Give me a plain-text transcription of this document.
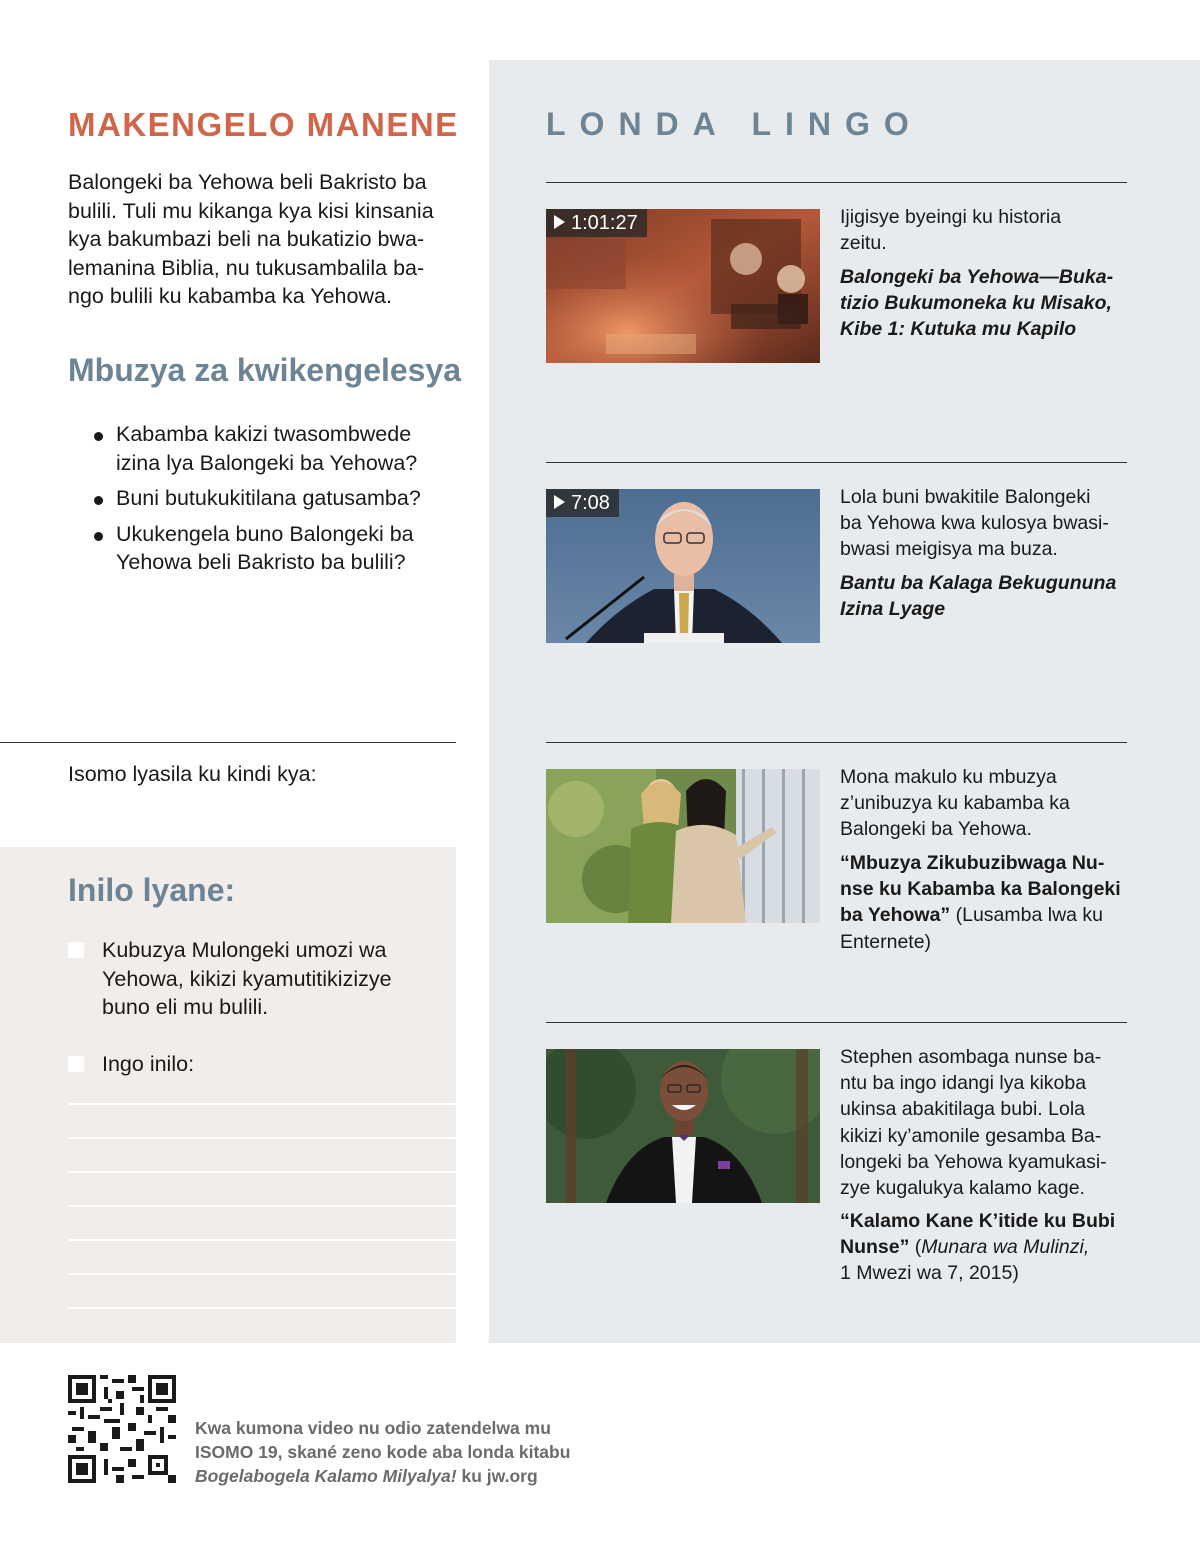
MAKENGELO MANENE
Balongeki ba Yehowa beli Bakristo ba
bulili. Tuli mu kikanga kya kisi kinsania
kya bakumbazi beli na bukatizio bwa-
lemanina Biblia, nu tukusambalila ba-
ngo bulili ku kabamba ka Yehowa.
Mbuzya za kwikengelesya
Kabamba kakizi twasombwede
izina lya Balongeki ba Yehowa?
Buni butukukitilana gatusamba?
Ukukengela buno Balongeki ba
Yehowa beli Bakristo ba bulili?
Isomo lyasila ku kindi kya:
Inilo lyane:
Kubuzya Mulongeki umozi wa
Yehowa, kikizi kyamutitikizizye
buno eli mu bulili.
Ingo inilo:
LONDA LINGO
1:01:27	Ijigisye byeingi ku historia
zeitu.
Balongeki ba Yehowa—Buka-
tizio Bukumoneka ku Misako,
Kibe 1: Kutuka mu Kapilo
7:08	Lola buni bwakitile Balongeki
ba Yehowa kwa kulosya bwasi-
bwasi meigisya ma buza.
Bantu ba Kalaga Bekugununa
Izina Lyage
Mona makulo ku mbuzya
z’unibuzya ku kabamba ka
Balongeki ba Yehowa.
“Mbuzya Zikubuzibwaga Nu-
nse ku Kabamba ka Balongeki
ba Yehowa” (Lusamba lwa ku
Enternete)
Stephen asombaga nunse ba-
ntu ba ingo idangi lya kikoba
ukinsa abakitilaga bubi. Lola
kikizi ky’amonile gesamba Ba-
longeki ba Yehowa kyamukasi-
zye kugalukya kalamo kage.
“Kalamo Kane K’itide ku Bubi
Nunse” (Munara wa Mulinzi,
1 Mwezi wa 7, 2015)
Kwa kumona video nu odio zatendelwa mu
ISOMO 19, skané zeno kode aba londa kitabu
Bogelabogela Kalamo Milyalya! ku jw.org
